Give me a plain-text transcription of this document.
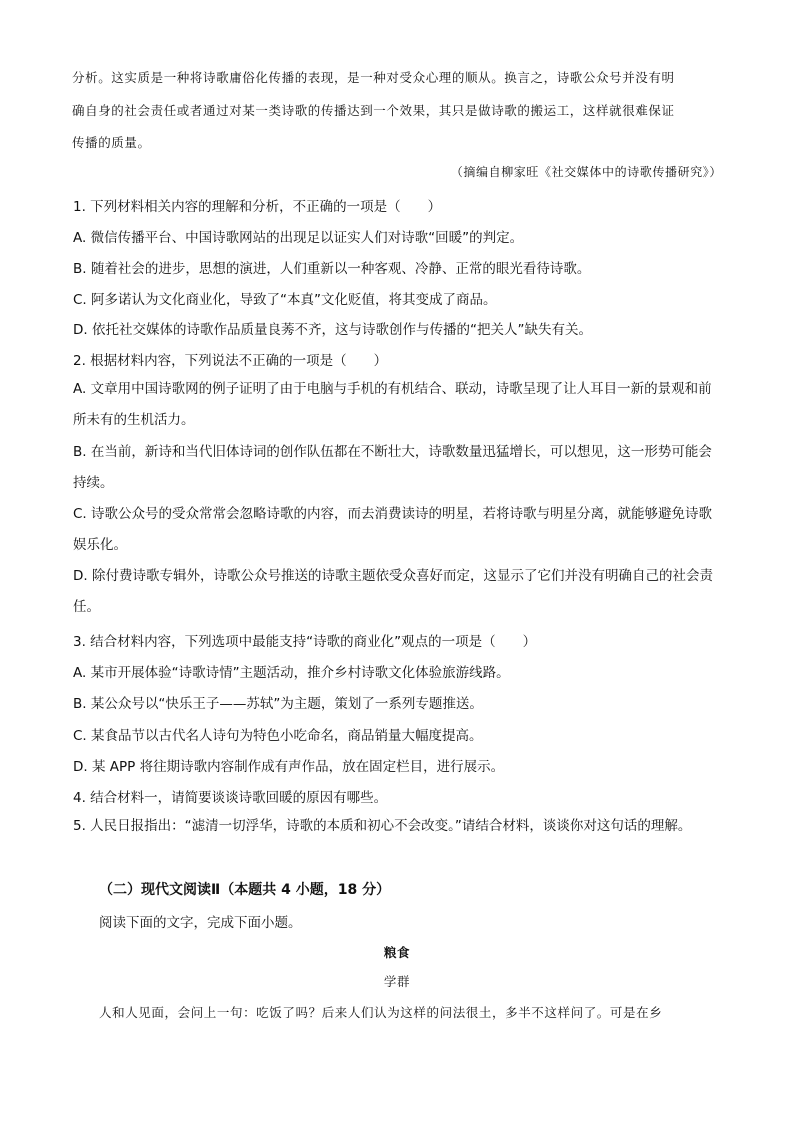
分析。这实质是一种将诗歌庸俗化传播的表现，是一种对受众心理的顺从。换言之，诗歌公众号并没有明
确自身的社会责任或者通过对某一类诗歌的传播达到一个效果，其只是做诗歌的搬运工，这样就很难保证
传播的质量。
（摘编自柳家旺《社交媒体中的诗歌传播研究》）
1. 下列材料相关内容的理解和分析，不正确的一项是（　　）
A. 微信传播平台、中国诗歌网站的出现足以证实人们对诗歌“回暖”的判定。
B. 随着社会的进步，思想的演进，人们重新以一种客观、冷静、正常的眼光看待诗歌。
C. 阿多诺认为文化商业化，导致了“本真”文化贬值，将其变成了商品。
D. 依托社交媒体的诗歌作品质量良莠不齐，这与诗歌创作与传播的“把关人”缺失有关。
2. 根据材料内容，下列说法不正确的一项是（　　）
A. 文章用中国诗歌网的例子证明了由于电脑与手机的有机结合、联动，诗歌呈现了让人耳目一新的景观和前所未有的生机活力。
B. 在当前，新诗和当代旧体诗词的创作队伍都在不断壮大，诗歌数量迅猛增长，可以想见，这一形势可能会持续。
C. 诗歌公众号的受众常常会忽略诗歌的内容，而去消费读诗的明星，若将诗歌与明星分离，就能够避免诗歌娱乐化。
D. 除付费诗歌专辑外，诗歌公众号推送的诗歌主题依受众喜好而定，这显示了它们并没有明确自己的社会责任。
3. 结合材料内容，下列选项中最能支持“诗歌的商业化”观点的一项是（　　）
A. 某市开展体验“诗歌诗情”主题活动，推介乡村诗歌文化体验旅游线路。
B. 某公众号以“快乐王子——苏轼”为主题，策划了一系列专题推送。
C. 某食品节以古代名人诗句为特色小吃命名，商品销量大幅度提高。
D. 某 APP 将往期诗歌内容制作成有声作品，放在固定栏目，进行展示。
4. 结合材料一，请简要谈谈诗歌回暖的原因有哪些。
5. 人民日报指出：“滤清一切浮华，诗歌的本质和初心不会改变。”请结合材料，谈谈你对这句话的理解。
（二）现代文阅读Ⅱ（本题共 4 小题，18 分）
阅读下面的文字，完成下面小题。
粮食
学群
人和人见面，会问上一句：吃饭了吗？后来人们认为这样的问法很土，多半不这样问了。可是在乡
